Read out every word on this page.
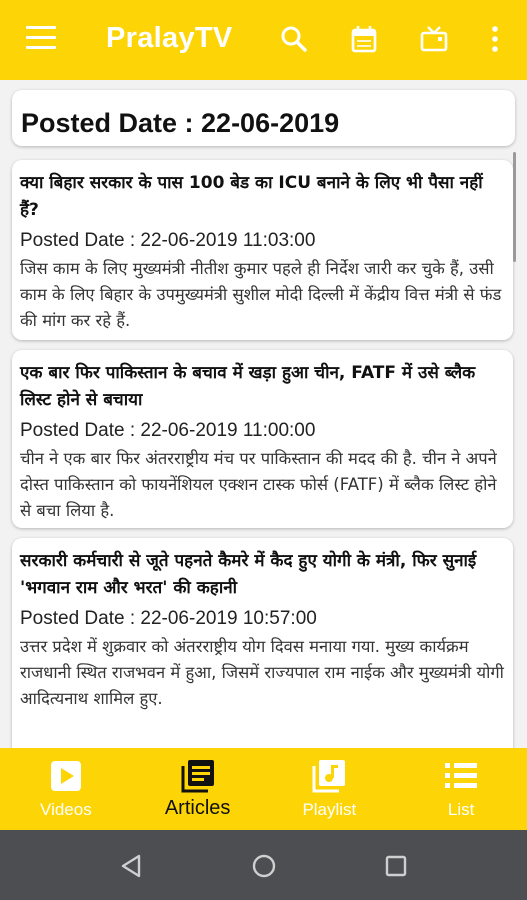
PralayTV
Posted Date : 22-06-2019
क्या बिहार सरकार के पास 100 बेड का ICU बनाने के लिए भी पैसा नहीं हैं?
Posted Date : 22-06-2019 11:03:00
जिस काम के लिए मुख्यमंत्री नीतीश कुमार पहले ही निर्देश जारी कर चुके हैं, उसी काम के लिए बिहार के उपमुख्यमंत्री सुशील मोदी दिल्ली में केंद्रीय वित्त मंत्री से फंड की मांग कर रहे हैं.
एक बार फिर पाकिस्तान के बचाव में खड़ा हुआ चीन, FATF में उसे ब्लैक लिस्ट होने से बचाया
Posted Date : 22-06-2019 11:00:00
चीन ने एक बार फिर अंतरराष्ट्रीय मंच पर पाकिस्तान की मदद की है. चीन ने अपने दोस्त पाकिस्तान को फायनेंशियल एक्शन टास्क फोर्स (FATF) में ब्लैक लिस्ट होने से बचा लिया है.
सरकारी कर्मचारी से जूते पहनते कैमरे में कैद हुए योगी के मंत्री, फिर सुनाई 'भगवान राम और भरत' की कहानी
Posted Date : 22-06-2019 10:57:00
उत्तर प्रदेश में शुक्रवार को अंतरराष्ट्रीय योग दिवस मनाया गया. मुख्य कार्यक्रम राजधानी स्थित राजभवन में हुआ, जिसमें राज्यपाल राम नाईक और मुख्यमंत्री योगी आदित्यनाथ शामिल हुए.
Videos	Articles	Playlist	List
